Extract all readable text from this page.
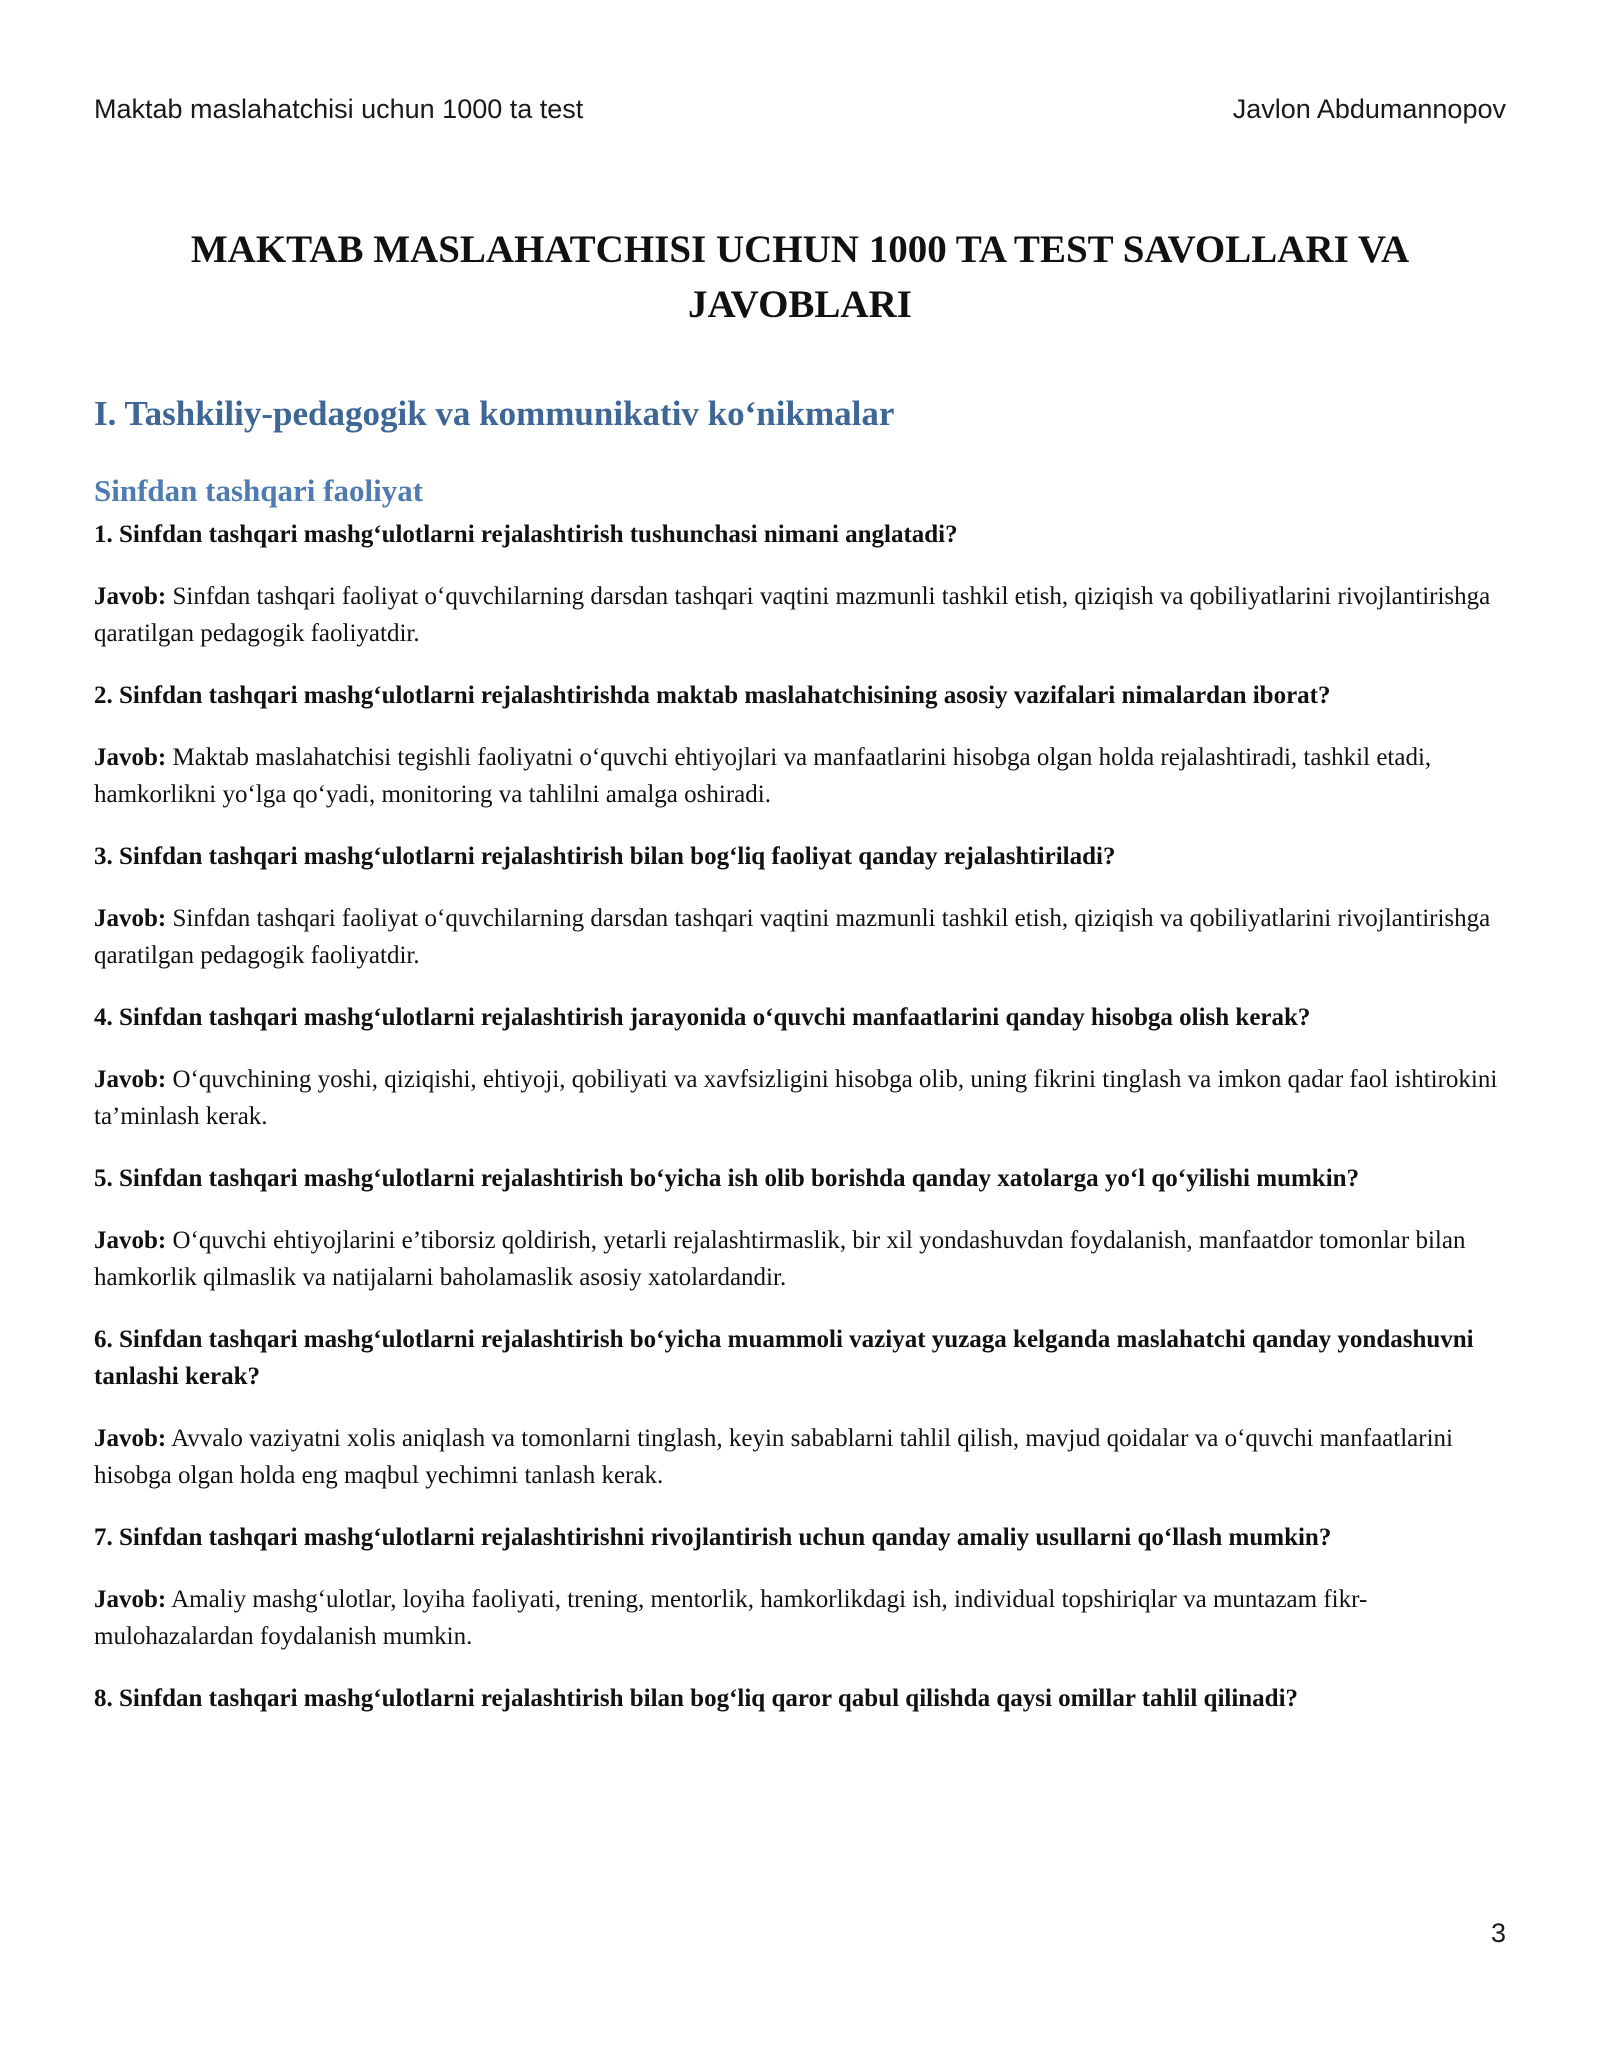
Maktab maslahatchisi uchun 1000 ta test	Javlon Abdumannopov
MAKTAB MASLAHATCHISI UCHUN 1000 TA TEST SAVOLLARI VA JAVOBLARI
I. Tashkiliy-pedagogik va kommunikativ ko‘nikmalar
Sinfdan tashqari faoliyat

1. Sinfdan tashqari mashg‘ulotlarni rejalashtirish tushunchasi nimani anglatadi?

Javob: Sinfdan tashqari faoliyat o‘quvchilarning darsdan tashqari vaqtini mazmunli tashkil etish, qiziqish va qobiliyatlarini rivojlantirishga qaratilgan pedagogik faoliyatdir.

2. Sinfdan tashqari mashg‘ulotlarni rejalashtirishda maktab maslahatchisining asosiy vazifalari nimalardan iborat?

Javob: Maktab maslahatchisi tegishli faoliyatni o‘quvchi ehtiyojlari va manfaatlarini hisobga olgan holda rejalashtiradi, tashkil etadi, hamkorlikni yo‘lga qo‘yadi, monitoring va tahlilni amalga oshiradi.

3. Sinfdan tashqari mashg‘ulotlarni rejalashtirish bilan bog‘liq faoliyat qanday rejalashtiriladi?

Javob: Sinfdan tashqari faoliyat o‘quvchilarning darsdan tashqari vaqtini mazmunli tashkil etish, qiziqish va qobiliyatlarini rivojlantirishga qaratilgan pedagogik faoliyatdir.

4. Sinfdan tashqari mashg‘ulotlarni rejalashtirish jarayonida o‘quvchi manfaatlarini qanday hisobga olish kerak?

Javob: O‘quvchining yoshi, qiziqishi, ehtiyoji, qobiliyati va xavfsizligini hisobga olib, uning fikrini tinglash va imkon qadar faol ishtirokini ta’minlash kerak.

5. Sinfdan tashqari mashg‘ulotlarni rejalashtirish bo‘yicha ish olib borishda qanday xatolarga yo‘l qo‘yilishi mumkin?

Javob: O‘quvchi ehtiyojlarini e’tiborsiz qoldirish, yetarli rejalashtirmaslik, bir xil yondashuvdan foydalanish, manfaatdor tomonlar bilan hamkorlik qilmaslik va natijalarni baholamaslik asosiy xatolardandir.

6. Sinfdan tashqari mashg‘ulotlarni rejalashtirish bo‘yicha muammoli vaziyat yuzaga kelganda maslahatchi qanday yondashuvni tanlashi kerak?

Javob: Avvalo vaziyatni xolis aniqlash va tomonlarni tinglash, keyin sabablarni tahlil qilish, mavjud qoidalar va o‘quvchi manfaatlarini hisobga olgan holda eng maqbul yechimni tanlash kerak.

7. Sinfdan tashqari mashg‘ulotlarni rejalashtirishni rivojlantirish uchun qanday amaliy usullarni qo‘llash mumkin?

Javob: Amaliy mashg‘ulotlar, loyiha faoliyati, trening, mentorlik, hamkorlikdagi ish, individual topshiriqlar va muntazam fikr-mulohazalardan foydalanish mumkin.

8. Sinfdan tashqari mashg‘ulotlarni rejalashtirish bilan bog‘liq qaror qabul qilishda qaysi omillar tahlil qilinadi?

3
